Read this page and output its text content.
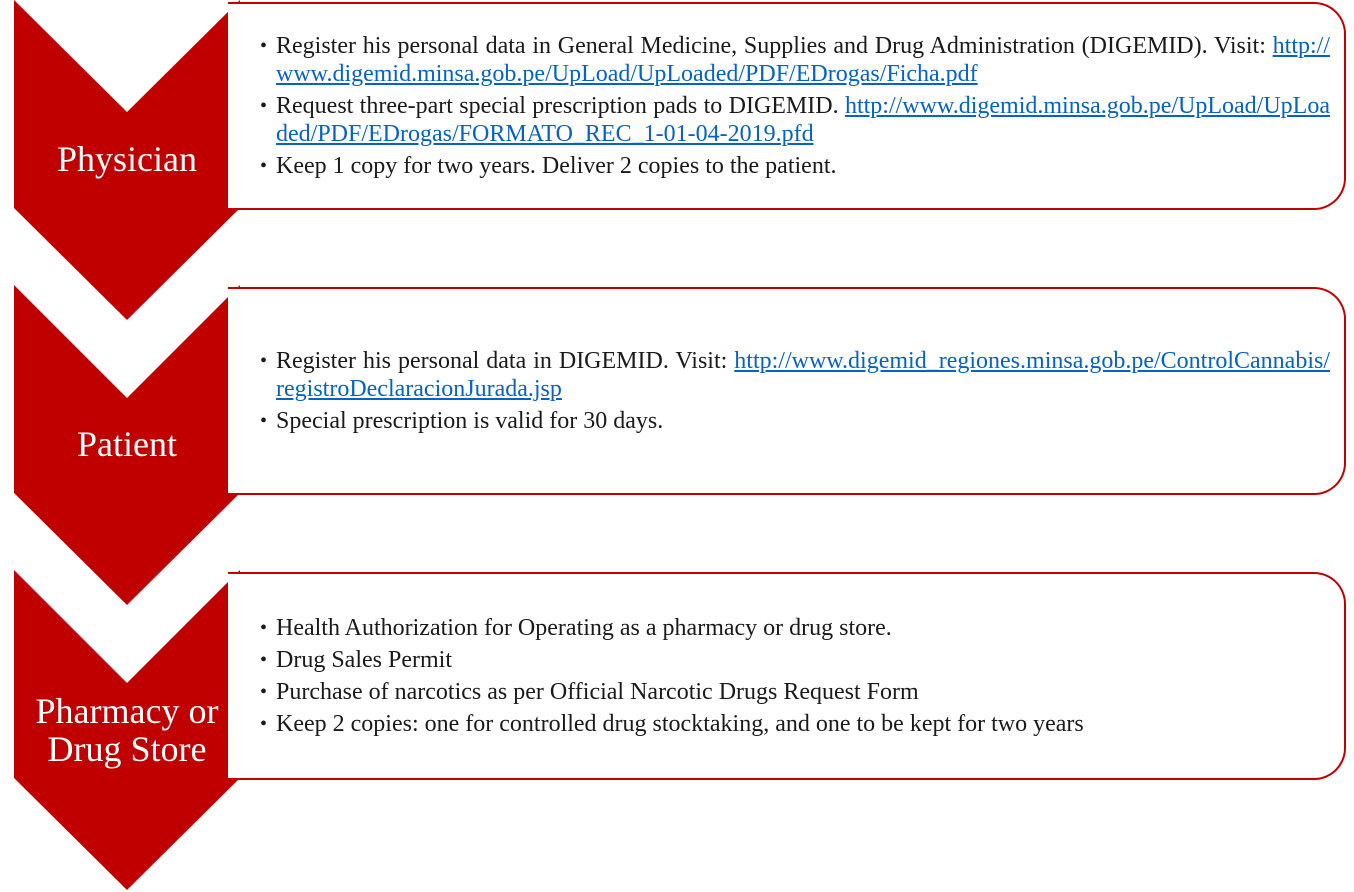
• Register his personal data in General Medicine, Supplies and Drug Administration (DIGEMID). Visit: http://www.digemid.minsa.gob.pe/UpLoad/UpLoaded/PDF/EDrogas/Ficha.pdf
• Request three-part special prescription pads to DIGEMID. http://www.digemid.minsa.gob.pe/UpLoad/UpLoaded/PDF/EDrogas/FORMATO_REC_1-01-04-2019.pfd
• Keep 1 copy for two years. Deliver 2 copies to the patient.
Physician
• Register his personal data in DIGEMID. Visit: http://www.digemid_regiones.minsa.gob.pe/ControlCannabis/registroDeclaracionJurada.jsp
• Special prescription is valid for 30 days.
Patient
• Health Authorization for Operating as a pharmacy or drug store.
• Drug Sales Permit
• Purchase of narcotics as per Official Narcotic Drugs Request Form
• Keep 2 copies: one for controlled drug stocktaking, and one to be kept for two years
Pharmacy or Drug Store
